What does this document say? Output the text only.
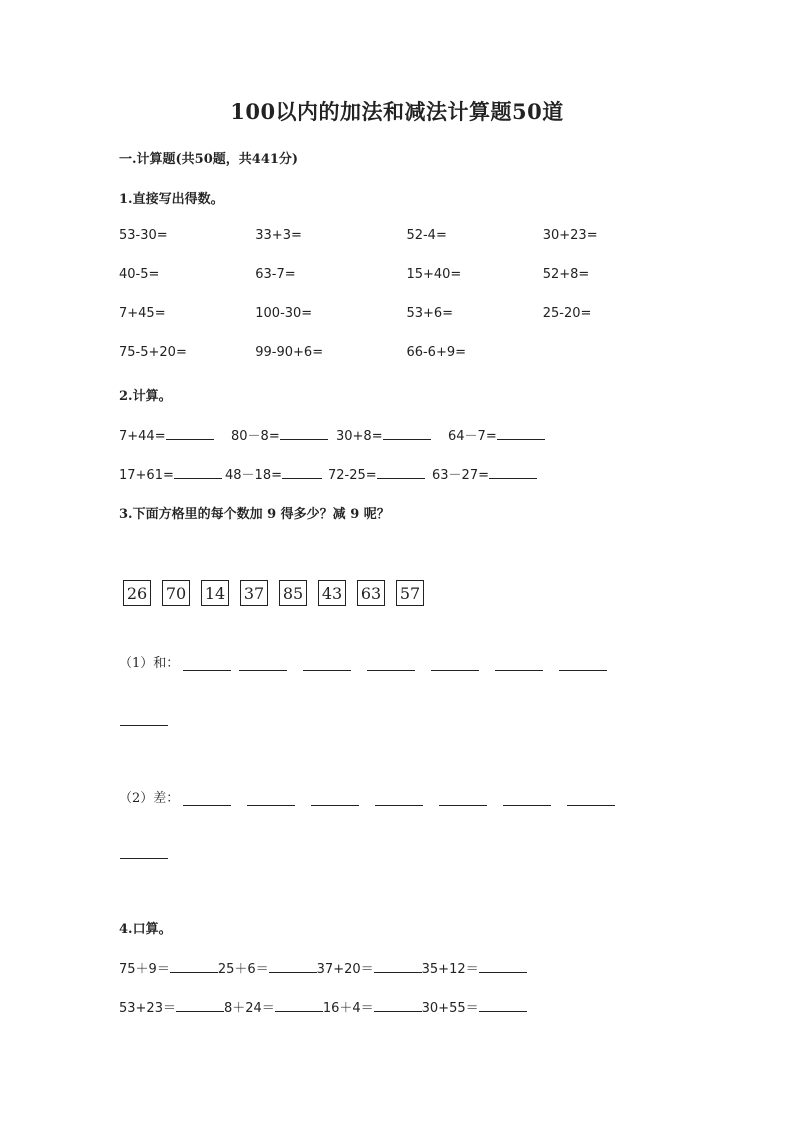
100以内的加法和减法计算题50道
一.计算题(共50题，共441分)
1.直接写出得数。
53-30=	33+3=	52-4=	30+23=
40-5=	63-7=	15+40=	52+8=
7+45=	100-30=	53+6=	25-20=
75-5+20=	99-90+6=	66-6+9=
2.计算。
7+44=	80－8=	30+8=	64－7=
17+61=	48－18=	72-25=	63－27=
3.下面方格里的每个数加 9 得多少？减 9 呢？
26 70 14 37 85 43 63 57
（1）和：
（2）差：
4.口算。
75＋9＝	25＋6＝	37+20＝	35+12＝
53+23＝	8＋24＝	16＋4＝	30+55＝
